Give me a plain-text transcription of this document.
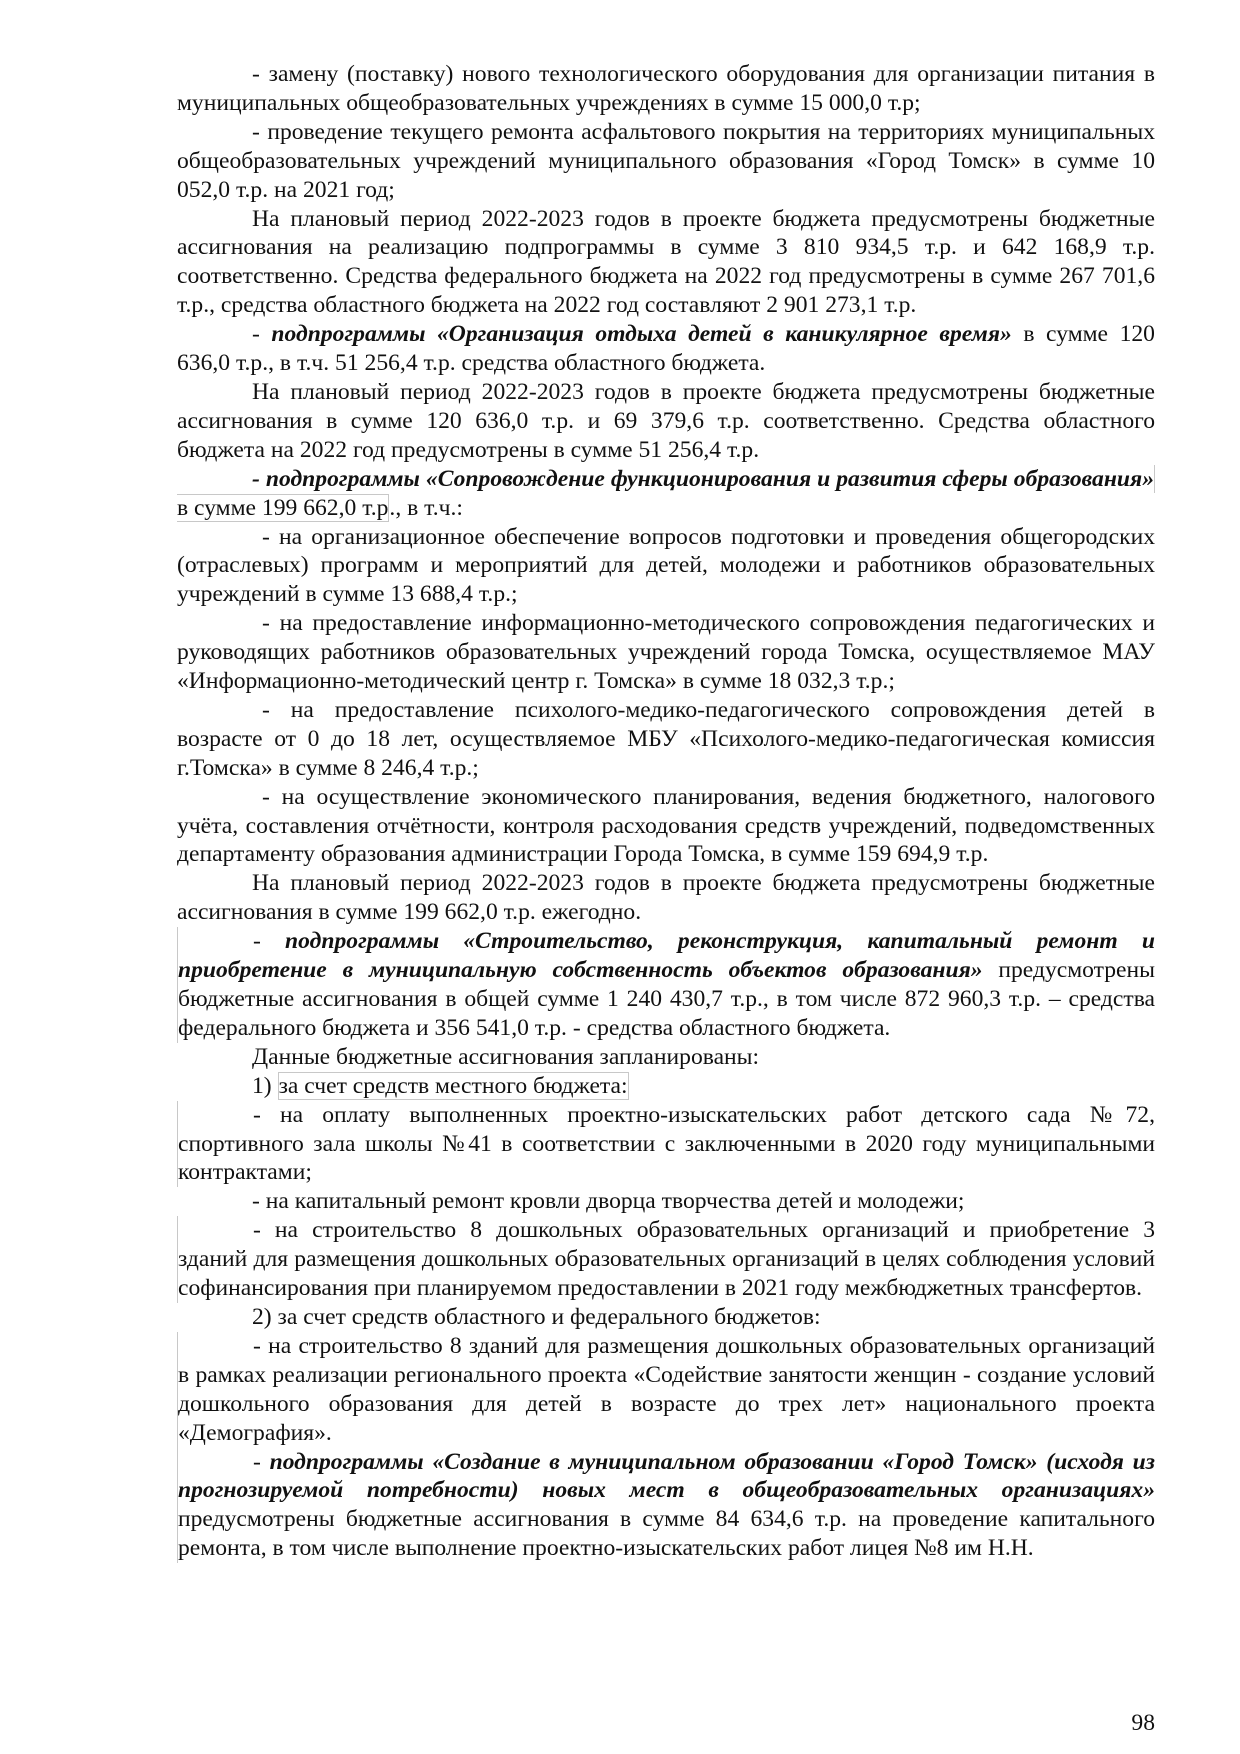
- замену (поставку) нового технологического оборудования для организации питания в муниципальных общеобразовательных учреждениях в сумме 15 000,0 т.р;

- проведение текущего ремонта асфальтового покрытия на территориях муниципальных общеобразовательных учреждений муниципального образования «Город Томск» в сумме 10 052,0 т.р. на 2021 год;

На плановый период 2022-2023 годов в проекте бюджета предусмотрены бюджетные ассигнования на реализацию подпрограммы в сумме 3 810 934,5 т.р. и 642 168,9 т.р. соответственно. Средства федерального бюджета на 2022 год предусмотрены в сумме 267 701,6 т.р., средства областного бюджета на 2022 год составляют 2 901 273,1 т.р.

- подпрограммы «Организация отдыха детей в каникулярное время» в сумме 120 636,0 т.р., в т.ч. 51 256,4 т.р. средства областного бюджета.

На плановый период 2022-2023 годов в проекте бюджета предусмотрены бюджетные ассигнования в сумме 120 636,0 т.р. и 69 379,6 т.р. соответственно. Средства областного бюджета на 2022 год предусмотрены в сумме 51 256,4 т.р.

- подпрограммы «Сопровождение функционирования и развития сферы образования» в сумме 199 662,0 т.р., в т.ч.:

- на организационное обеспечение вопросов подготовки и проведения общегородских (отраслевых) программ и мероприятий для детей, молодежи и работников образовательных учреждений в сумме 13 688,4 т.р.;

- на предоставление информационно-методического сопровождения педагогических и руководящих работников образовательных учреждений города Томска, осуществляемое МАУ «Информационно-методический центр г. Томска» в сумме 18 032,3 т.р.;

- на предоставление психолого-медико-педагогического сопровождения детей в возрасте от 0 до 18 лет, осуществляемое МБУ «Психолого-медико-педагогическая комиссия г.Томска» в сумме 8 246,4 т.р.;

- на осуществление экономического планирования, ведения бюджетного, налогового учёта, составления отчётности, контроля расходования средств учреждений, подведомственных департаменту образования администрации Города Томска, в сумме 159 694,9 т.р.

На плановый период 2022-2023 годов в проекте бюджета предусмотрены бюджетные ассигнования в сумме 199 662,0 т.р. ежегодно.

- подпрограммы «Строительство, реконструкция, капитальный ремонт и приобретение в муниципальную собственность объектов образования» предусмотрены бюджетные ассигнования в общей сумме 1 240 430,7 т.р., в том числе 872 960,3 т.р. – средства федерального бюджета и 356 541,0 т.р. - средства областного бюджета.

Данные бюджетные ассигнования запланированы:

1) за счет средств местного бюджета:

- на оплату выполненных проектно-изыскательских работ детского сада №72, спортивного зала школы №41 в соответствии с заключенными в 2020 году муниципальными контрактами;

- на капитальный ремонт кровли дворца творчества детей и молодежи;

- на строительство 8 дошкольных образовательных организаций и приобретение 3 зданий для размещения дошкольных образовательных организаций в целях соблюдения условий софинансирования при планируемом предоставлении в 2021 году межбюджетных трансфертов.

2) за счет средств областного и федерального бюджетов:

- на строительство 8 зданий для размещения дошкольных образовательных организаций в рамках реализации регионального проекта «Содействие занятости женщин - создание условий дошкольного образования для детей в возрасте до трех лет» национального проекта «Демография».

- подпрограммы «Создание в муниципальном образовании «Город Томск» (исходя из прогнозируемой потребности) новых мест в общеобразовательных организациях» предусмотрены бюджетные ассигнования в сумме 84 634,6 т.р. на проведение капитального ремонта, в том числе выполнение проектно-изыскательских работ лицея №8 им Н.Н.

98
